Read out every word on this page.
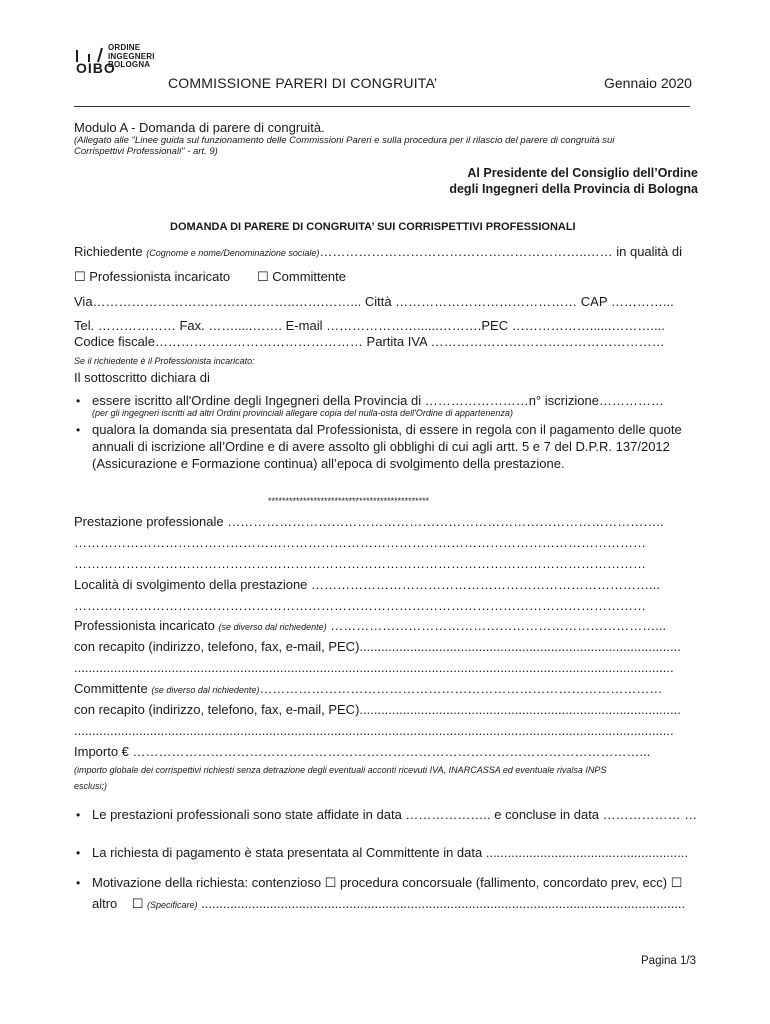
ORDINE
INGEGNERI
BOLOGNA
OIBO
COMMISSIONE PARERI DI CONGRUITA’	Gennaio 2020
Modulo A - Domanda di parere di congruità.
(Allegato alle "Linee guida sul funzionamento delle Commissioni Pareri e sulla procedura per il rilascio del parere di congruità sui
Corrispettivi Professionali" - art. 9)
Al Presidente del Consiglio dell’Ordine
degli Ingegneri della Provincia di Bologna
DOMANDA DI PARERE DI CONGRUITA’ SUI CORRISPETTIVI PROFESSIONALI
Richiedente (Cognome e nome/Denominazione sociale)……………………………………………………..…… in qualità di
☐ Professionista incaricato ☐ Committente
Via………………………………………..…….……... Città …………………………………… CAP …………...
Tel. ……………… Fax. …….....……. E-mail …………………......……….PEC ………………......………....
Codice fiscale………………………………………… Partita IVA ………………………………………………
Se il richiedente è il Professionista incaricato:
Il sottoscritto dichiara di
• essere iscritto all'Ordine degli Ingegneri della Provincia di ……………………n° iscrizione……………
(per gli ingegneri iscritti ad altri Ordini provinciali allegare copia del nulla-osta dell'Ordine di appartenenza)
• qualora la domanda sia presentata dal Professionista, di essere in regola con il pagamento delle quote
annuali di iscrizione all’Ordine e di avere assolto gli obblighi di cui agli artt. 5 e 7 del D.P.R. 137/2012
(Assicurazione e Formazione continua) all’epoca di svolgimento della prestazione.
**********************************************
Prestazione professionale ………………………………………………………………………………………..
……………………………………………………………………………………………………………………
……………………………………………………………………………………………………………………
Località di svolgimento della prestazione ……………………………………………………………………...
……………………………………………………………………………………………………………………
Professionista incaricato (se diverso dal richiedente) …………………………………………………………………...
con recapito (indirizzo, telefono, fax, e-mail, PEC).........................................................................................
......................................................................................................................................................................
Committente (se diverso dal richiedente)…………………………………………………………………………………
con recapito (indirizzo, telefono, fax, e-mail, PEC).........................................................................................
......................................................................................................................................................................
Importo € ………………………………………………………………………………………………………...
(importo globale dei corrispettivi richiesti senza detrazione degli eventuali acconti ricevuti IVA, INARCASSA ed eventuale rivalsa INPS
esclusi;)
• Le prestazioni professionali sono state affidate in data ……………….. e concluse in data ……………… …
• La richiesta di pagamento è stata presentata al Committente in data ........................................................
• Motivazione della richiesta: contenzioso ☐ procedura concorsuale (fallimento, concordato prev, ecc) ☐
altro ☐ (Specificare) ......................................................................................................................................
Pagina 1/3
